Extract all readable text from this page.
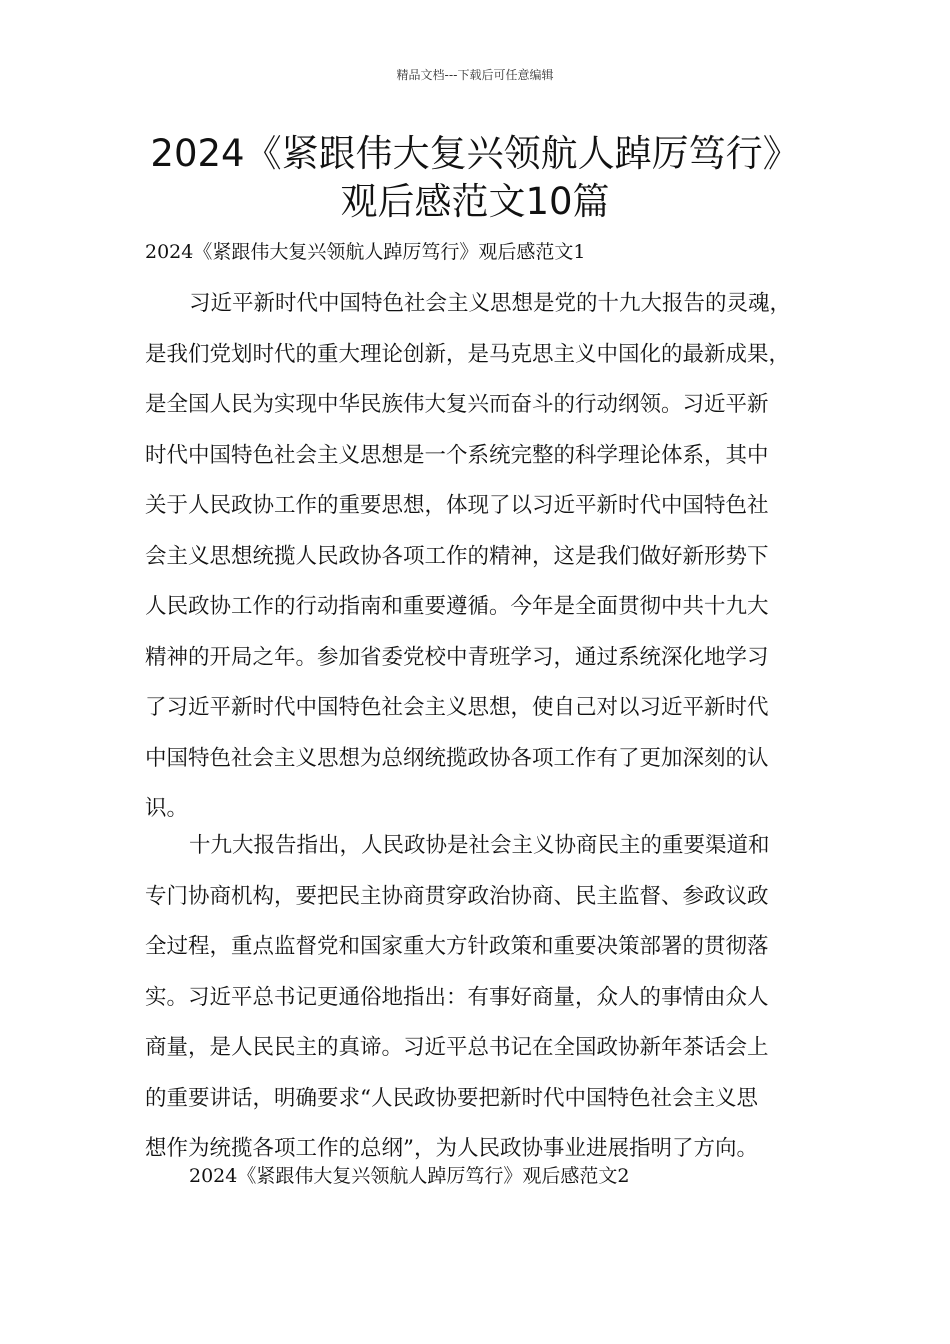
精品文档---下载后可任意编辑
2024《紧跟伟大复兴领航人踔厉笃行》
观后感范文10篇
2024《紧跟伟大复兴领航人踔厉笃行》观后感范文1
习近平新时代中国特色社会主义思想是党的十九大报告的灵魂，
是我们党划时代的重大理论创新，是马克思主义中国化的最新成果，
是全国人民为实现中华民族伟大复兴而奋斗的行动纲领。习近平新
时代中国特色社会主义思想是一个系统完整的科学理论体系，其中
关于人民政协工作的重要思想，体现了以习近平新时代中国特色社
会主义思想统揽人民政协各项工作的精神，这是我们做好新形势下
人民政协工作的行动指南和重要遵循。今年是全面贯彻中共十九大
精神的开局之年。参加省委党校中青班学习，通过系统深化地学习
了习近平新时代中国特色社会主义思想，使自己对以习近平新时代
中国特色社会主义思想为总纲统揽政协各项工作有了更加深刻的认
识。
十九大报告指出，人民政协是社会主义协商民主的重要渠道和
专门协商机构，要把民主协商贯穿政治协商、民主监督、参政议政
全过程，重点监督党和国家重大方针政策和重要决策部署的贯彻落
实。习近平总书记更通俗地指出：有事好商量，众人的事情由众人
商量，是人民民主的真谛。习近平总书记在全国政协新年茶话会上
的重要讲话，明确要求“人民政协要把新时代中国特色社会主义思
想作为统揽各项工作的总纲”，为人民政协事业进展指明了方向。
2024《紧跟伟大复兴领航人踔厉笃行》观后感范文2
